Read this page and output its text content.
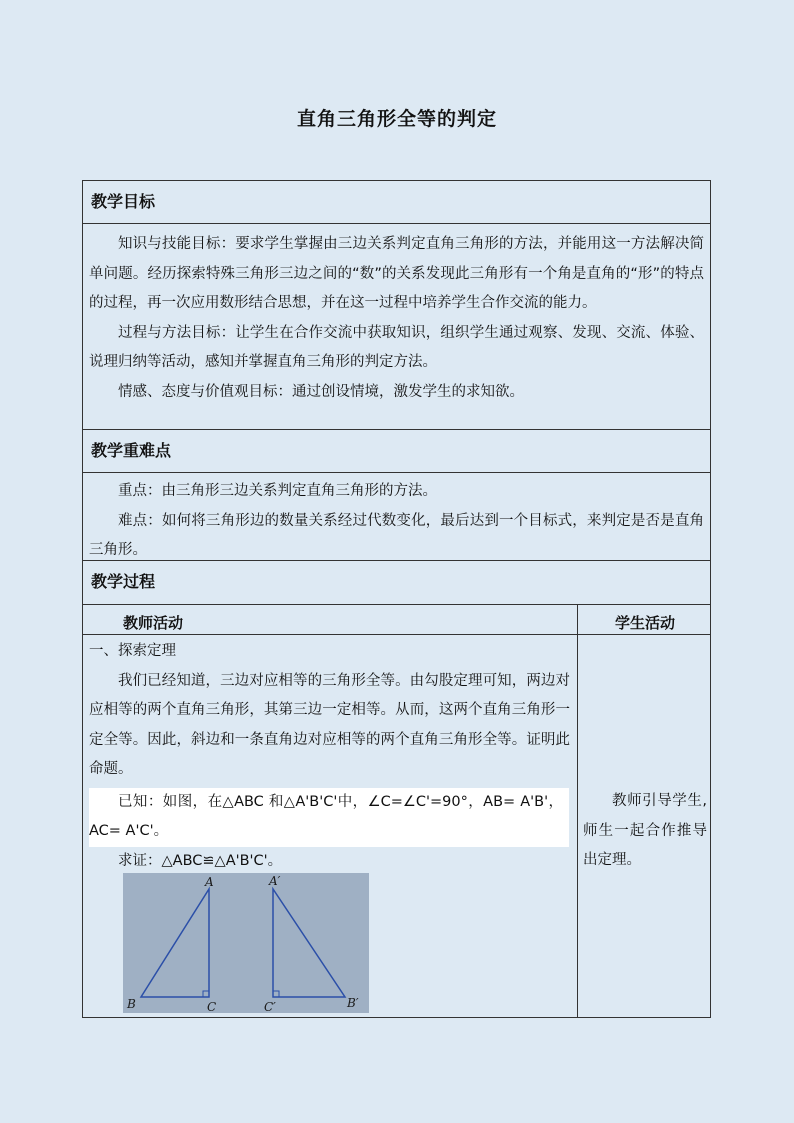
直角三角形全等的判定
教学目标

知识与技能目标：要求学生掌握由三边关系判定直角三角形的方法，并能用这一方法解决简单问题。经历探索特殊三角形三边之间的“数”的关系发现此三角形有一个角是直角的“形”的特点的过程，再一次应用数形结合思想，并在这一过程中培养学生合作交流的能力。

过程与方法目标：让学生在合作交流中获取知识，组织学生通过观察、发现、交流、体验、说理归纳等活动，感知并掌握直角三角形的判定方法。

情感、态度与价值观目标：通过创设情境，激发学生的求知欲。

教学重难点

重点：由三角形三边关系判定直角三角形的方法。

难点：如何将三角形边的数量关系经过代数变化，最后达到一个目标式，来判定是否是直角三角形。

教学过程
教师活动	学生活动

一、探索定理

我们已经知道，三边对应相等的三角形全等。由勾股定理可知，两边对应相等的两个直角三角形，其第三边一定相等。从而，这两个直角三角形一定全等。因此，斜边和一条直角边对应相等的两个直角三角形全等。证明此命题。

已知：如图，在△ABC 和△A'B'C'中，∠C=∠C'=90°，AB= A'B'，AC= A'C'。

求证：△ABC≌△A'B'C'。

A
B	C
A′
B′
C′

教师引导学生,师生一起合作推导出定理。
